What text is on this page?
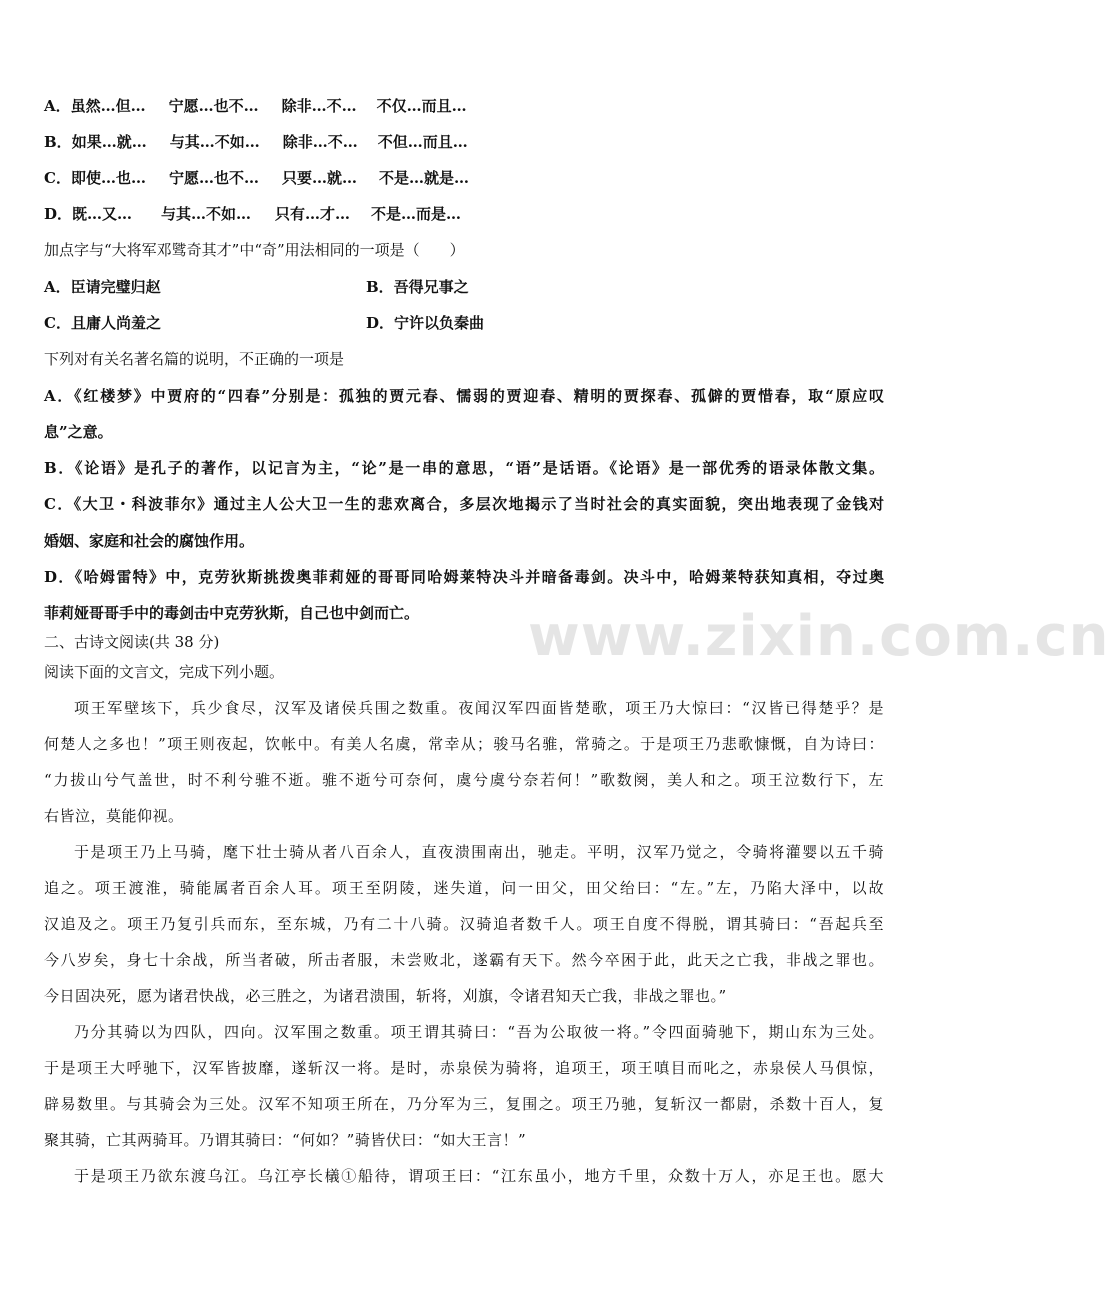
A．虽然…但… 宁愿…也不… 除非…不… 不仅…而且…
B．如果…就… 与其…不如… 除非…不… 不但…而且…
C．即使…也… 宁愿…也不… 只要…就… 不是…就是…
D．既…又… 与其…不如… 只有…才… 不是…而是…
加点字与“大将军邓骘奇其才”中“奇”用法相同的一项是（　　）
A．臣请完璧归赵	B．吾得兄事之
C．且庸人尚羞之	D．宁许以负秦曲
下列对有关名著名篇的说明，不正确的一项是
A．《红楼梦》中贾府的“四春”分别是：孤独的贾元春、懦弱的贾迎春、精明的贾探春、孤僻的贾惜春，取“原应叹
息”之意。
B．《论语》是孔子的著作，以记言为主，“论”是一串的意思，“语”是话语。《论语》是一部优秀的语录体散文集。
C．《大卫・科波菲尔》通过主人公大卫一生的悲欢离合，多层次地揭示了当时社会的真实面貌，突出地表现了金钱对
婚姻、家庭和社会的腐蚀作用。
D．《哈姆雷特》中，克劳狄斯挑拨奥菲莉娅的哥哥同哈姆莱特决斗并暗备毒剑。决斗中，哈姆莱特获知真相，夺过奥
菲莉娅哥哥手中的毒剑击中克劳狄斯，自己也中剑而亡。
二、古诗文阅读(共 38 分)
阅读下面的文言文，完成下列小题。
项王军壁垓下，兵少食尽，汉军及诸侯兵围之数重。夜闻汉军四面皆楚歌，项王乃大惊曰：“汉皆已得楚乎？是
何楚人之多也！”项王则夜起，饮帐中。有美人名虞，常幸从；骏马名骓，常骑之。于是项王乃悲歌慷慨，自为诗曰：
“力拔山兮气盖世，时不利兮骓不逝。骓不逝兮可奈何，虞兮虞兮奈若何！”歌数阕，美人和之。项王泣数行下，左
右皆泣，莫能仰视。
于是项王乃上马骑，麾下壮士骑从者八百余人，直夜溃围南出，驰走。平明，汉军乃觉之，令骑将灌婴以五千骑
追之。项王渡淮，骑能属者百余人耳。项王至阴陵，迷失道，问一田父，田父绐曰：“左。”左，乃陷大泽中，以故
汉追及之。项王乃复引兵而东，至东城，乃有二十八骑。汉骑追者数千人。项王自度不得脱，谓其骑曰：“吾起兵至
今八岁矣，身七十余战，所当者破，所击者服，未尝败北，遂霸有天下。然今卒困于此，此天之亡我，非战之罪也。
今日固决死，愿为诸君快战，必三胜之，为诸君溃围，斩将，刈旗，令诸君知天亡我，非战之罪也。”
乃分其骑以为四队，四向。汉军围之数重。项王谓其骑曰：“吾为公取彼一将。”令四面骑驰下，期山东为三处。
于是项王大呼驰下，汉军皆披靡，遂斩汉一将。是时，赤泉侯为骑将，追项王，项王嗔目而叱之，赤泉侯人马俱惊，
辟易数里。与其骑会为三处。汉军不知项王所在，乃分军为三，复围之。项王乃驰，复斩汉一都尉，杀数十百人，复
聚其骑，亡其两骑耳。乃谓其骑曰：“何如？”骑皆伏曰：“如大王言！”
于是项王乃欲东渡乌江。乌江亭长檥①船待，谓项王曰：“江东虽小，地方千里，众数十万人，亦足王也。愿大
www.zixin.com.cn
